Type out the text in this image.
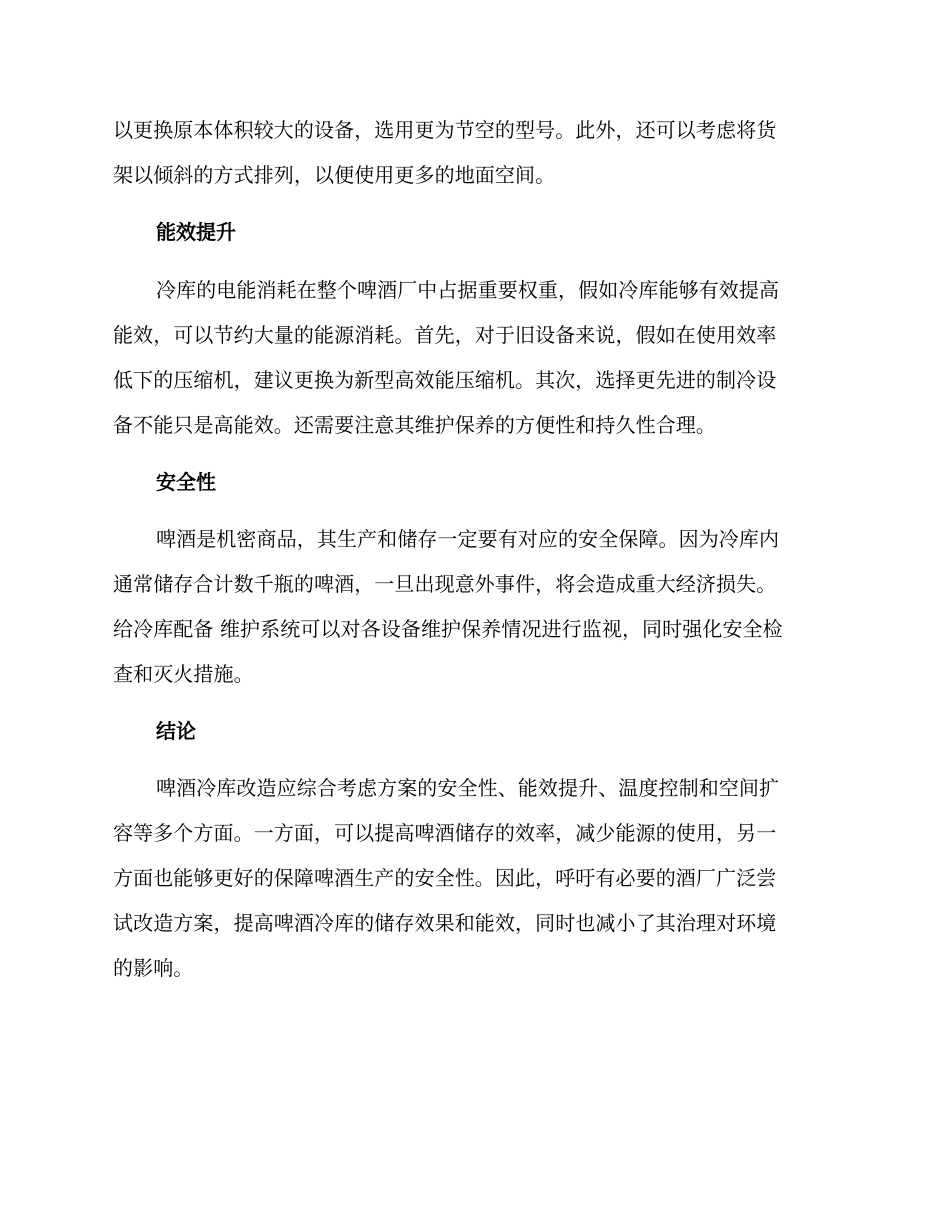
以更换原本体积较大的设备，选用更为节空的型号。此外，还可以考虑将货
架以倾斜的方式排列，以便使用更多的地面空间。
能效提升
冷库的电能消耗在整个啤酒厂中占据重要权重，假如冷库能够有效提高
能效，可以节约大量的能源消耗。首先，对于旧设备来说，假如在使用效率
低下的压缩机，建议更换为新型高效能压缩机。其次，选择更先进的制冷设
备不能只是高能效。还需要注意其维护保养的方便性和持久性合理。
安全性
啤酒是机密商品，其生产和储存一定要有对应的安全保障。因为冷库内
通常储存合计数千瓶的啤酒，一旦出现意外事件，将会造成重大经济损失。
给冷库配备 维护系统可以对各设备维护保养情况进行监视，同时强化安全检
查和灭火措施。
结论
啤酒冷库改造应综合考虑方案的安全性、能效提升、温度控制和空间扩
容等多个方面。一方面，可以提高啤酒储存的效率，减少能源的使用，另一
方面也能够更好的保障啤酒生产的安全性。因此，呼吁有必要的酒厂广泛尝
试改造方案，提高啤酒冷库的储存效果和能效，同时也减小了其治理对环境
的影响。
